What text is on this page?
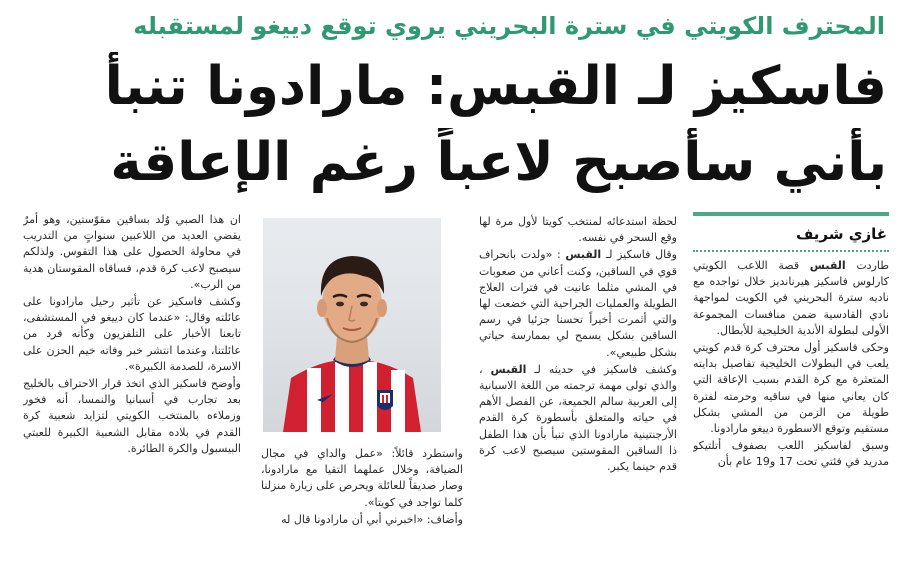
المحترف الكويتي في سترة البحريني يروي توقع دييغو لمستقبله
فاسكيز لـ القبس: مارادونا تنبأ
بأني سأصبح لاعباً رغم الإعاقة
غازي شريف

طاردت القبس قصة اللاعب الكويتي كارلوس فاسكيز هيرنانديز خلال تواجده مع ناديه سترة البحريني في الكويت لمواجهة نادي القادسية ضمن منافسات المجموعة الأولى لبطولة الأندية الخليجية للأبطال.

وحكى فاسكيز أول محترف كرة قدم كويتي يلعب في البطولات الخليجية تفاصيل بدايته المتعثرة مع كرة القدم بسبب الإعاقة التي كان يعاني منها في ساقيه وحرمته لفترة طويلة من الزمن من المشي بشكل مستقيم وتوقع الاسطورة دييغو مارادونا.

وسبق لفاسكيز اللعب بصفوف أتلتيكو مدريد في فئتي تحت 17 و19 عام بأن

لحظة استدعائه لمنتخب كويتا لأول مرة لها وقع السحر في نفسه.

وقال فاسكيز لـ القبس : «ولدت بانحراف قوي في الساقين، وكنت أعاني من صعوبات في المشي مثلما عانيت في فترات العلاج الطويلة والعمليات الجراحية التي خضعت لها والتي أثمرت أخيراً تحسنا جزئيا في رسم الساقين بشكل يسمح لي بممارسة حياتي بشكل طبيعي».

وكشف فاسكيز في حديثه لـ القبس ، والذي تولى مهمة ترجمته من اللغة الاسبانية إلى العربية سالم الجميعة، عن الفصل الأهم في حياته والمتعلق بأسطورة كرة القدم الأرجنتينية مارادونا الذي تنبأ بأن هذا الطفل ذا الساقين المقوستين سيصبح لاعب كرة قدم حينما يكبر.

واستطرد قائلاً: «عمل والداي في مجال الضيافة، وخلال عملهما التقيا مع مارادونا، وصار صديقاً للعائلة ويحرص على زيارة منزلنا كلما تواجد في كويتا».

وأضاف: «اخبرني أبي أن مارادونا قال له

ان هذا الصبي وُلد بساقين مقوّستين، وهو أمرٌ يقضي العديد من اللاعبين سنواتٍ من التدريب في محاولة الحصول على هذا التقوس. ولذلكم سيصبح لاعب كرة قدم، فساقاه المقوستان هدية من الرب».

وكشف فاسكيز عن تأثير رحيل مارادونا على عائلته وقال: «عندما كان دييغو في المستشفى، تابعنا الأخبار على التلفزيون وكأنه فرد من عائلتنا، وعندما انتشر خبر وفاته خيم الحزن على الاسرة، للصدمة الكبيرة».

وأوضح فاسكيز الذي اتخذ قرار الاحتراف بالخليج بعد تجارب في أسبانيا والنمسا، أنه فخور وزملاءه بالمنتخب الكويتي لتزايد شعبية كرة القدم في بلاده مقابل الشعبية الكبيرة للعبتي البيسبول والكرة الطائرة.
